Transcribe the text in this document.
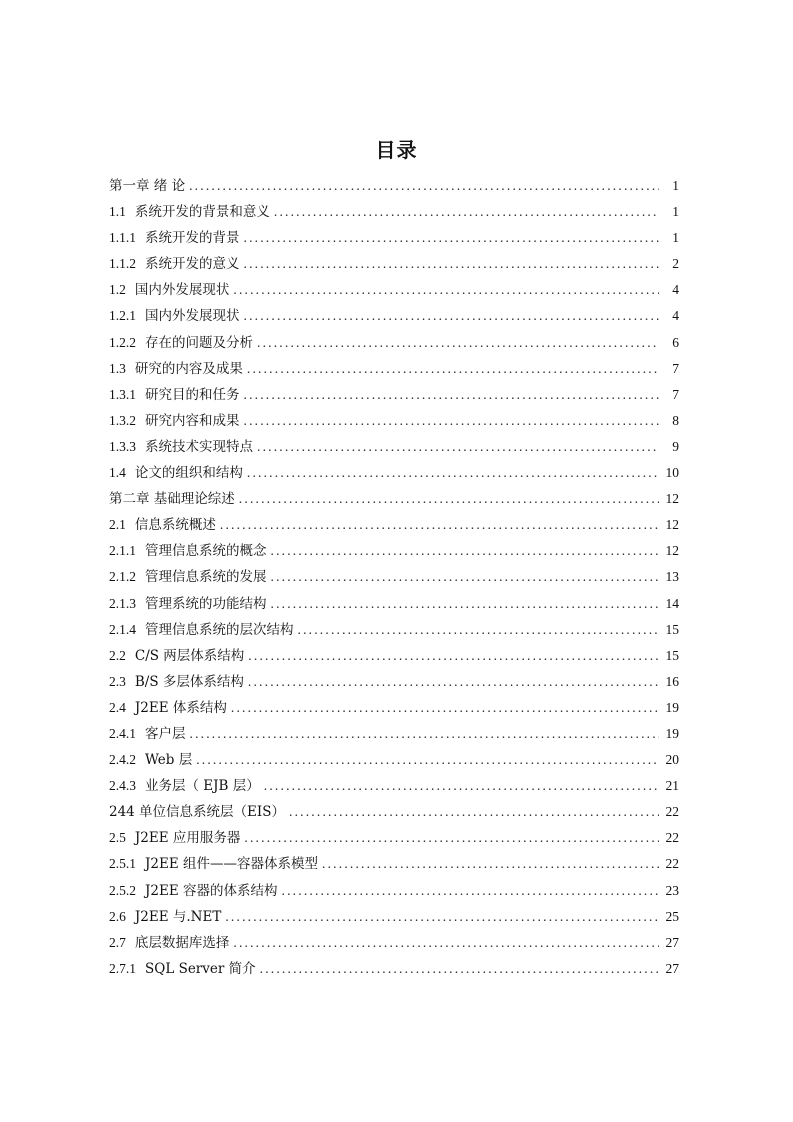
目录
第一章 绪 论 .....	1
1.1 系统开发的背景和意义 .....	1
1.1.1 系统开发的背景 .....	1
1.1.2 系统开发的意义 .....	2
1.2 国内外发展现状 .....	4
1.2.1 国内外发展现状 .....	4
1.2.2 存在的问题及分析 .....	6
1.3 研究的内容及成果 .....	7
1.3.1 研究目的和任务 .....	7
1.3.2 研究内容和成果 .....	8
1.3.3 系统技术实现特点 .....	9
1.4 论文的组织和结构 .....	10
第二章 基础理论综述 .....	12
2.1 信息系统概述 .....	12
2.1.1 管理信息系统的概念 .....	12
2.1.2 管理信息系统的发展 .....	13
2.1.3 管理系统的功能结构 .....	14
2.1.4 管理信息系统的层次结构 .....	15
2.2 C/S 两层体系结构 .....	15
2.3 B/S 多层体系结构 .....	16
2.4 J2EE 体系结构 .....	19
2.4.1 客户层 .....	19
2.4.2 Web 层 .....	20
2.4.3 业务层（ EJB 层） .....	21
244 单位信息系统层（EIS） .....	22
2.5 J2EE 应用服务器 .....	22
2.5.1 J2EE 组件——容器体系模型 .....	22
2.5.2 J2EE 容器的体系结构 .....	23
2.6 J2EE 与.NET .....	25
2.7 底层数据库选择 .....	27
2.7.1 SQL Server 简介 .....	27
